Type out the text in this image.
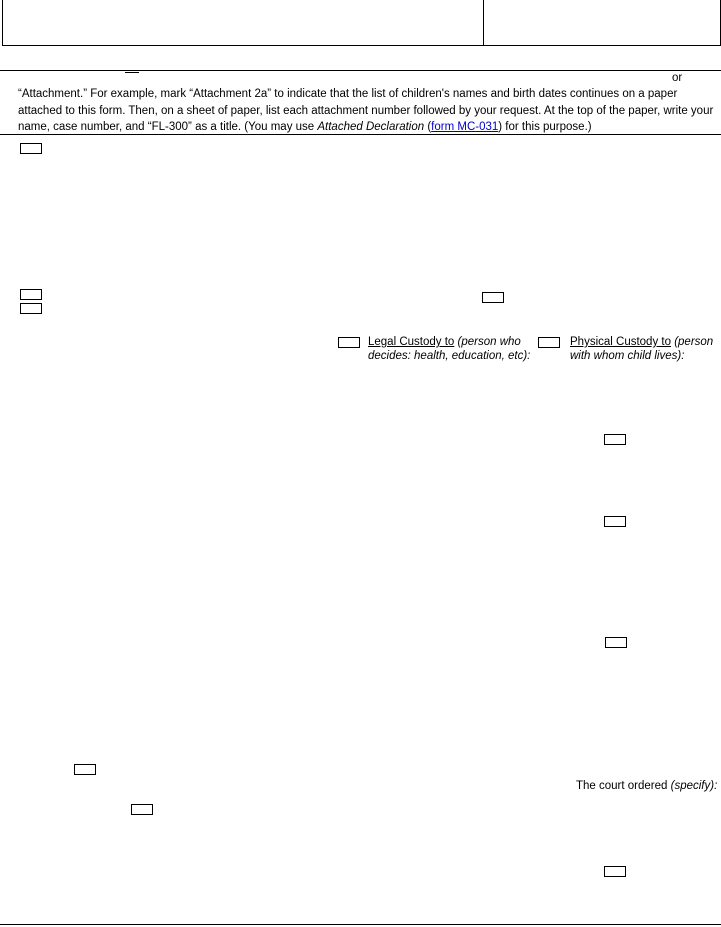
or
“Attachment.” For example, mark “Attachment 2a” to indicate that the list of children's names and birth dates continues on a paper attached to this form. Then, on a sheet of paper, list each attachment number followed by your request. At the top of the paper, write your name, case number, and “FL-300” as a title. (You may use Attached Declaration (form MC-031) for this purpose.)
Legal Custody to (person who decides: health, education, etc):
Physical Custody to (person with whom child lives):
The court ordered (specify):
